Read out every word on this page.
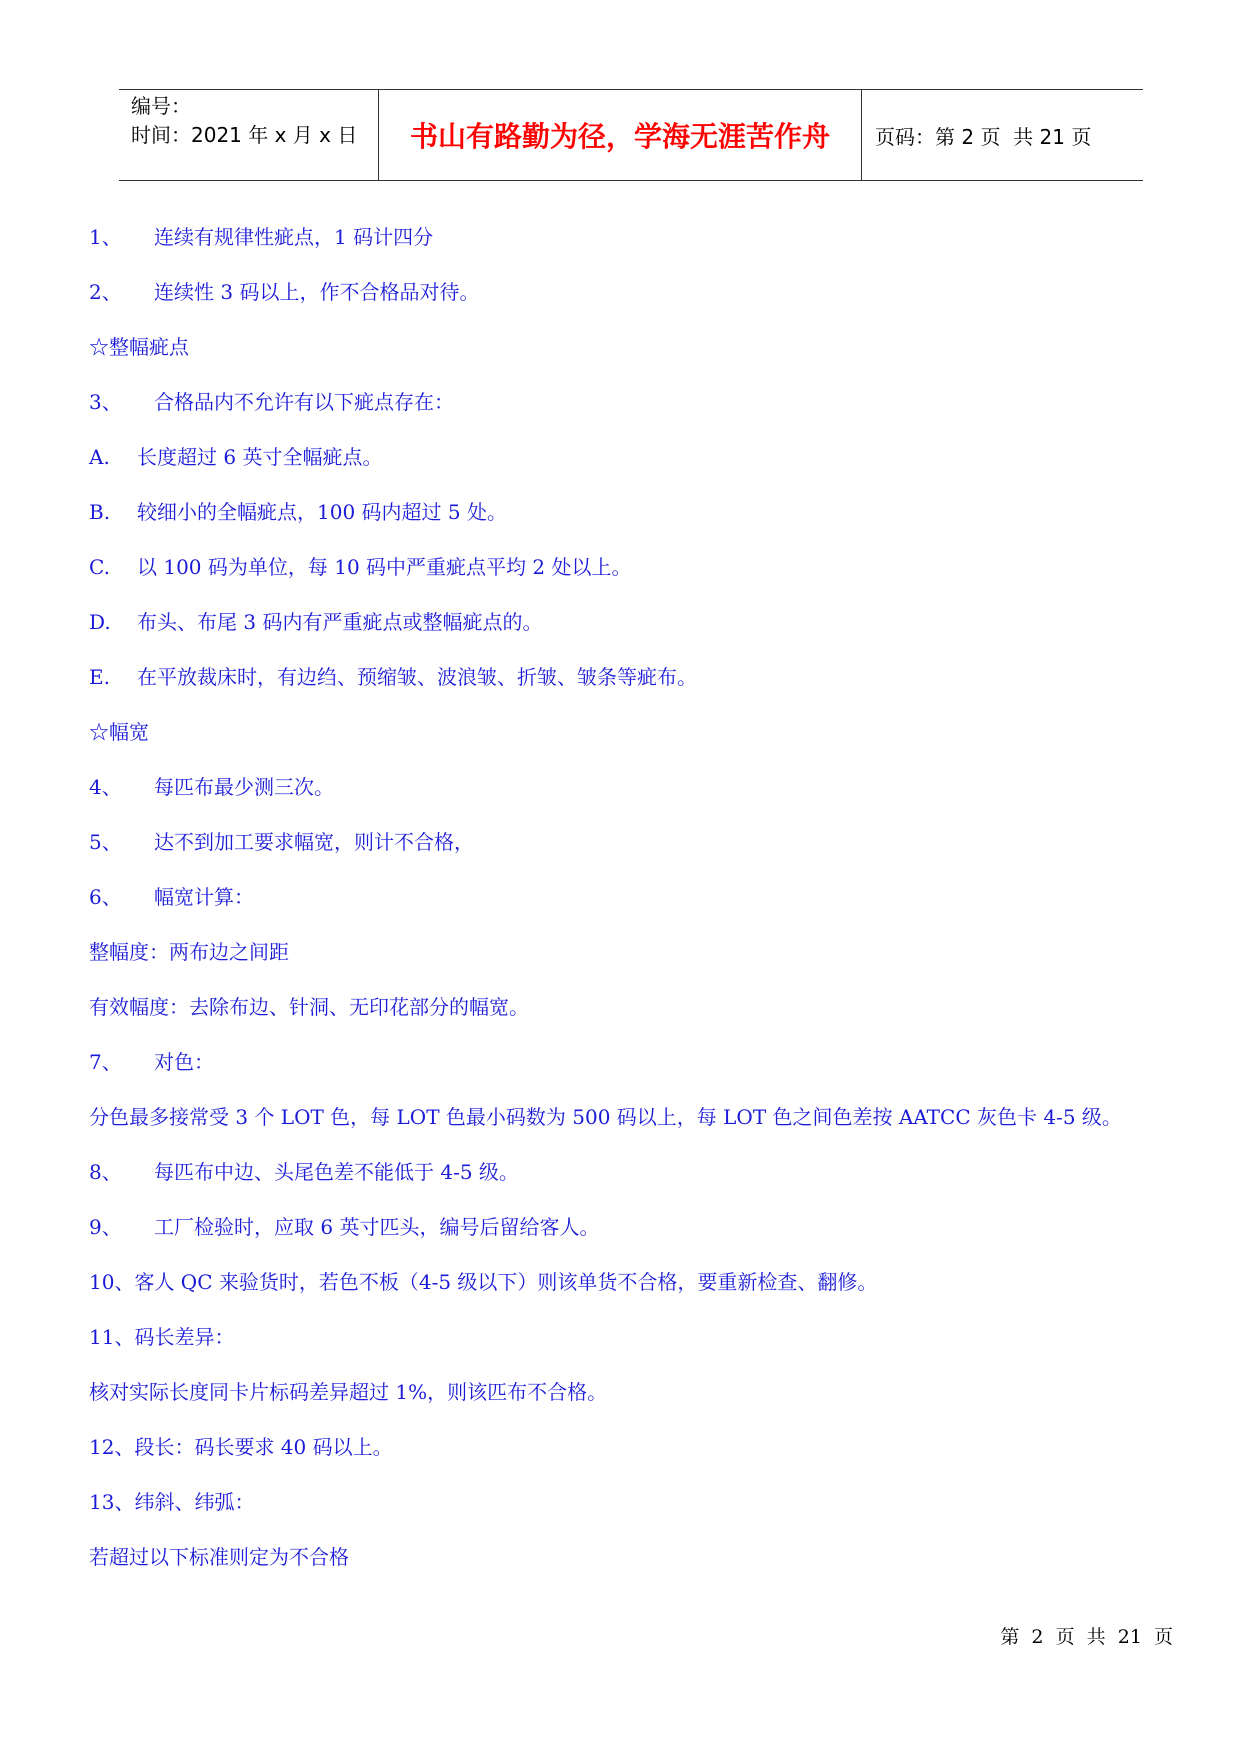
编号：
时间：2021 年 x 月 x 日	书山有路勤为径，学海无涯苦作舟 页码：第 2 页  共 21 页
1、	连续有规律性疵点，1 码计四分
2、	连续性 3 码以上，作不合格品对待。
☆整幅疵点
3、	合格品内不允许有以下疵点存在：
A.	长度超过 6 英寸全幅疵点。
B.	较细小的全幅疵点，100 码内超过 5 处。
C.	以 100 码为单位，每 10 码中严重疵点平均 2 处以上。
D.	布头、布尾 3 码内有严重疵点或整幅疵点的。
E.	在平放裁床时，有边绉、预缩皱、波浪皱、折皱、皱条等疵布。
☆幅宽
4、	每匹布最少测三次。
5、	达不到加工要求幅宽，则计不合格，
6、	幅宽计算：
整幅度：两布边之间距
有效幅度：去除布边、针洞、无印花部分的幅宽。
7、	对色：
分色最多接常受 3 个 LOT 色，每 LOT 色最小码数为 500 码以上，每 LOT 色之间色差按 AATCC 灰色卡 4-5 级。
8、	每匹布中边、头尾色差不能低于 4-5 级。
9、	工厂检验时，应取 6 英寸匹头，编号后留给客人。
10、客人 QC 来验货时，若色不板（4-5 级以下）则该单货不合格，要重新检查、翻修。
11、码长差异：
核对实际长度同卡片标码差异超过 1%，则该匹布不合格。
12、段长：码长要求 40 码以上。
13、纬斜、纬弧：
若超过以下标准则定为不合格
第  2  页  共  21  页
